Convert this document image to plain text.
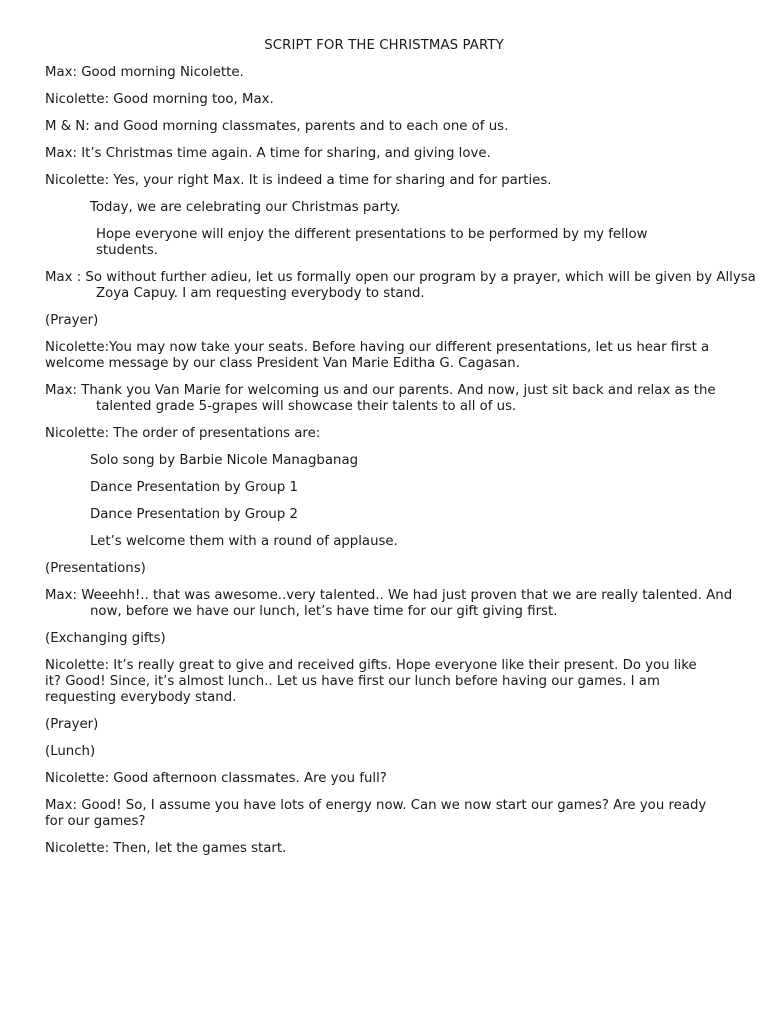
SCRIPT FOR THE CHRISTMAS PARTY
Max: Good morning Nicolette.
Nicolette: Good morning too, Max.
M & N: and Good morning classmates, parents and to each one of us.
Max: It’s Christmas time again. A time for sharing, and giving love.
Nicolette: Yes, your right Max. It is indeed a time for sharing and for parties.
Today, we are celebrating our Christmas party.
Hope everyone will enjoy the different presentations to be performed by my fellow students.
Max : So without further adieu, let us formally open our program by a prayer, which will be given by Allysa Zoya Capuy. I am requesting everybody to stand.
(Prayer)
Nicolette:You may now take your seats. Before having our different presentations, let us hear first a welcome message by our class President Van Marie Editha G. Cagasan.
Max: Thank you Van Marie for welcoming us and our parents. And now, just sit back and relax as the talented grade 5-grapes will showcase their talents to all of us.
Nicolette: The order of presentations are:
Solo song by Barbie Nicole Managbanag
Dance Presentation by Group 1
Dance Presentation by Group 2
Let’s welcome them with a round of applause.
(Presentations)
Max: Weeehh!.. that was awesome..very talented.. We had just proven that we are really talented. And now, before we have our lunch, let’s have time for our gift giving first.
(Exchanging gifts)
Nicolette: It’s really great to give and received gifts. Hope everyone like their present. Do you like it? Good! Since, it’s almost lunch.. Let us have first our lunch before having our games. I am requesting everybody stand.
(Prayer)
(Lunch)
Nicolette: Good afternoon classmates. Are you full?
Max: Good! So, I assume you have lots of energy now. Can we now start our games? Are you ready for our games?
Nicolette: Then, let the games start.
